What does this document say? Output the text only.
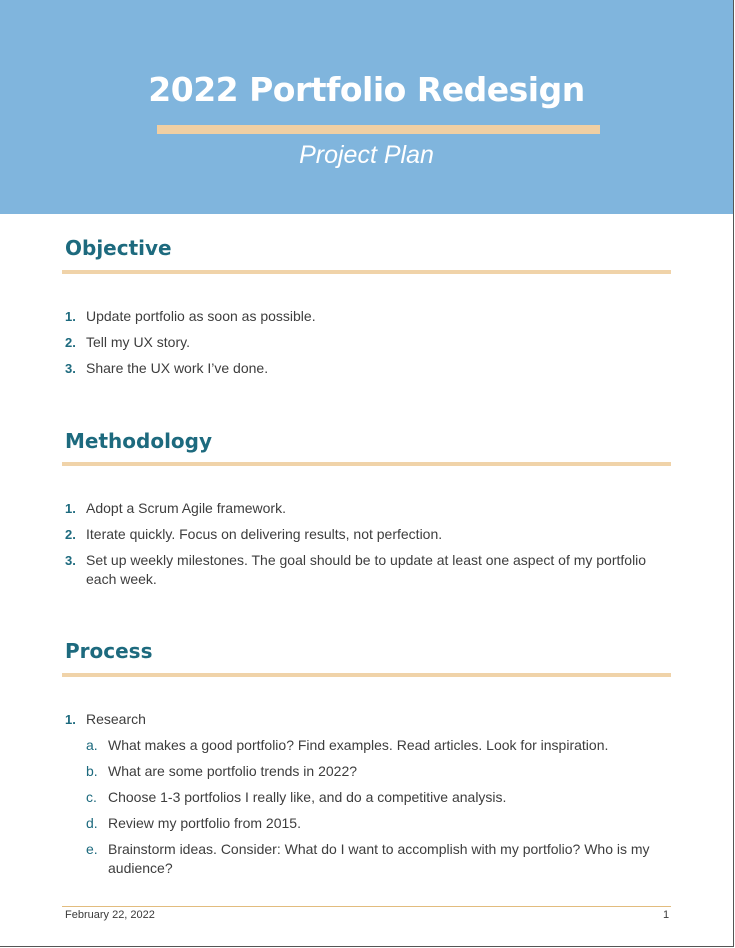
2022 Portfolio Redesign
Project Plan
Objective
1. Update portfolio as soon as possible.
2. Tell my UX story.
3. Share the UX work I’ve done.
Methodology
1. Adopt a Scrum Agile framework.
2. Iterate quickly. Focus on delivering results, not perfection.
3. Set up weekly milestones. The goal should be to update at least one aspect of my portfolio each week.
Process
1. Research
a. What makes a good portfolio? Find examples. Read articles. Look for inspiration.
b. What are some portfolio trends in 2022?
c. Choose 1-3 portfolios I really like, and do a competitive analysis.
d. Review my portfolio from 2015.
e. Brainstorm ideas. Consider: What do I want to accomplish with my portfolio? Who is my audience?
February 22, 2022	1
